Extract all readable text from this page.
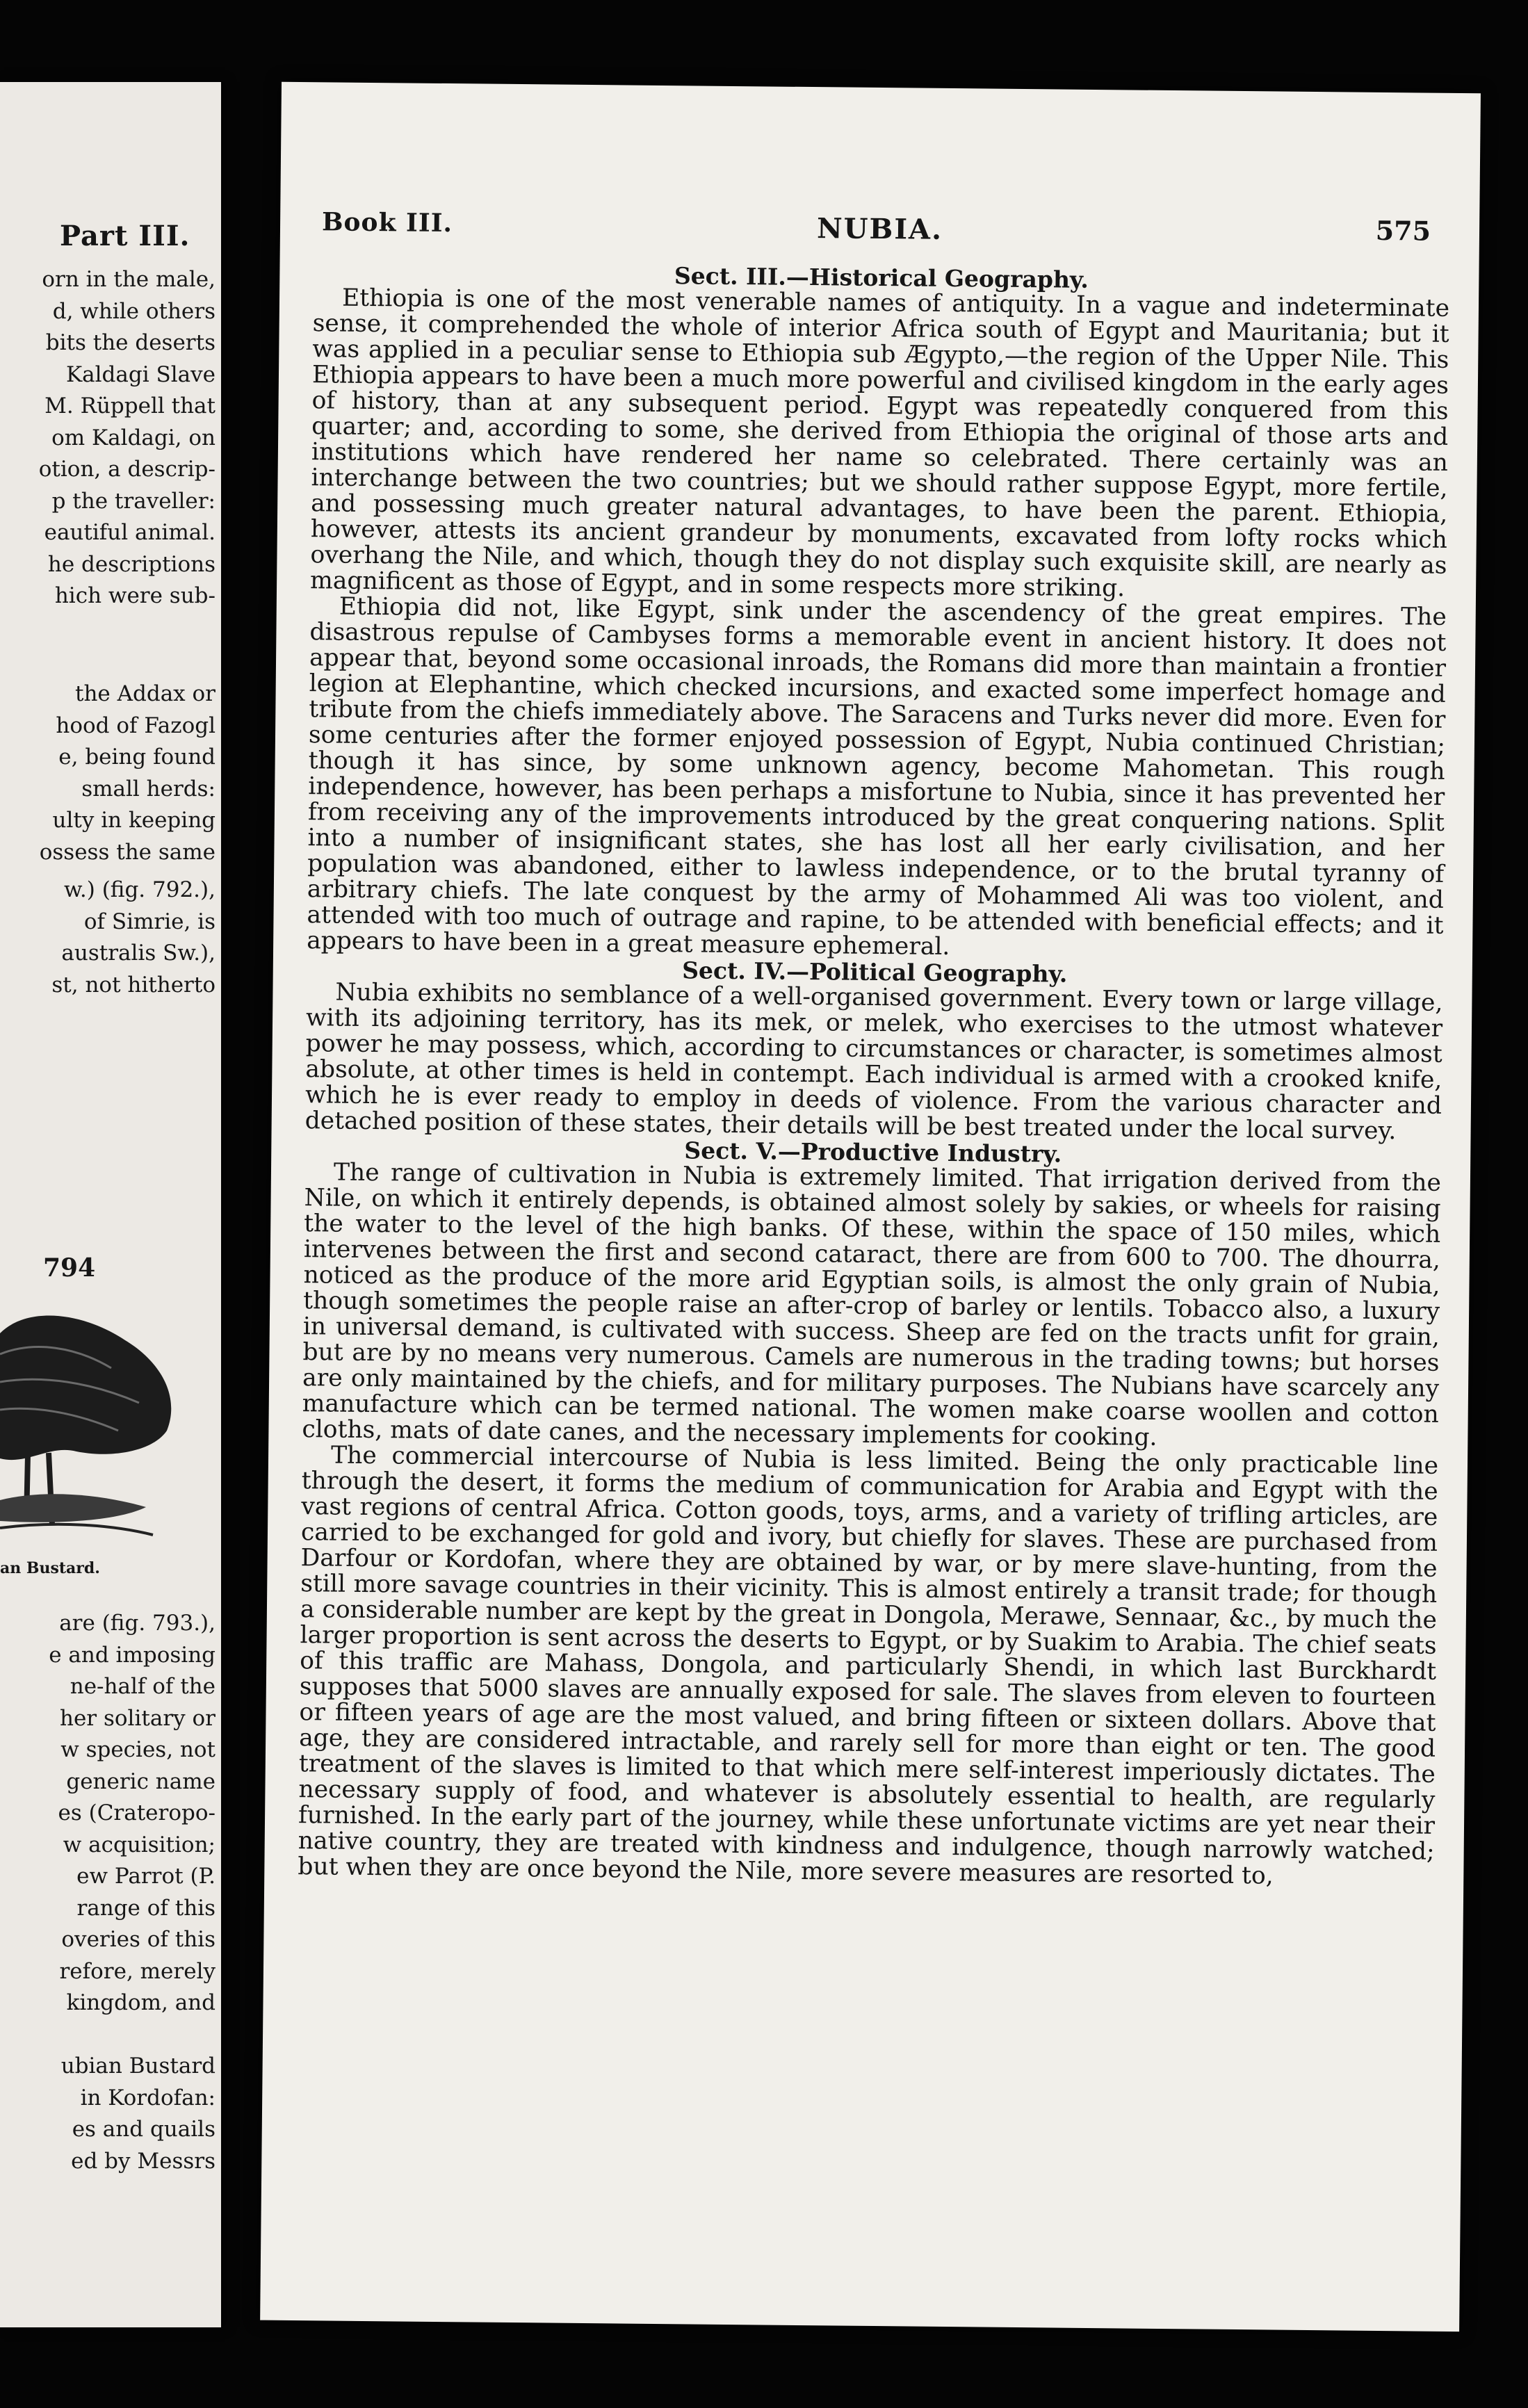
Part III.
orn in the male,
d, while others
bits the deserts
Kaldagi Slave
M. Rüppell that
om Kaldagi, on
otion, a descrip-
p the traveller:
eautiful animal.
he descriptions
hich were sub-
the Addax or
hood of Fazogl
e, being found
small herds:
ulty in keeping
ossess the same
w.) (fig. 792.),
of Simrie, is
australis Sw.),
st, not hitherto
794
an Bustard.
are (fig. 793.),
e and imposing
ne-half of the
her solitary or
w species, not
generic name
es (Crateropo-
w acquisition;
ew Parrot (P.
range of this
overies of this
refore, merely
kingdom, and

ubian Bustard
in Kordofan:
es and quails
ed by Messrs
Book III.	NUBIA.	575

Sect. III.—Historical Geography.

Ethiopia is one of the most venerable names of antiquity. In a vague and indeterminate sense, it comprehended the whole of interior Africa south of Egypt and Mauritania; but it was applied in a peculiar sense to Ethiopia sub Ægypto,—the region of the Upper Nile. This Ethiopia appears to have been a much more powerful and civilised kingdom in the early ages of history, than at any subsequent period. Egypt was repeatedly conquered from this quarter; and, according to some, she derived from Ethiopia the original of those arts and institutions which have rendered her name so celebrated. There certainly was an interchange between the two countries; but we should rather suppose Egypt, more fertile, and possessing much greater natural advantages, to have been the parent. Ethiopia, however, attests its ancient grandeur by monuments, excavated from lofty rocks which overhang the Nile, and which, though they do not display such exquisite skill, are nearly as magnificent as those of Egypt, and in some respects more striking.

Ethiopia did not, like Egypt, sink under the ascendency of the great empires. The disastrous repulse of Cambyses forms a memorable event in ancient history. It does not appear that, beyond some occasional inroads, the Romans did more than maintain a frontier legion at Elephantine, which checked incursions, and exacted some imperfect homage and tribute from the chiefs immediately above. The Saracens and Turks never did more. Even for some centuries after the former enjoyed possession of Egypt, Nubia continued Christian; though it has since, by some unknown agency, become Mahometan. This rough independence, however, has been perhaps a misfortune to Nubia, since it has prevented her from receiving any of the improvements introduced by the great conquering nations. Split into a number of insignificant states, she has lost all her early civilisation, and her population was abandoned, either to lawless independence, or to the brutal tyranny of arbitrary chiefs. The late conquest by the army of Mohammed Ali was too violent, and attended with too much of outrage and rapine, to be attended with beneficial effects; and it appears to have been in a great measure ephemeral.

Sect. IV.—Political Geography.

Nubia exhibits no semblance of a well-organised government. Every town or large village, with its adjoining territory, has its mek, or melek, who exercises to the utmost whatever power he may possess, which, according to circumstances or character, is sometimes almost absolute, at other times is held in contempt. Each individual is armed with a crooked knife, which he is ever ready to employ in deeds of violence. From the various character and detached position of these states, their details will be best treated under the local survey.

Sect. V.—Productive Industry.

The range of cultivation in Nubia is extremely limited. That irrigation derived from the Nile, on which it entirely depends, is obtained almost solely by sakies, or wheels for raising the water to the level of the high banks. Of these, within the space of 150 miles, which intervenes between the first and second cataract, there are from 600 to 700. The dhourra, noticed as the produce of the more arid Egyptian soils, is almost the only grain of Nubia, though sometimes the people raise an after-crop of barley or lentils. Tobacco also, a luxury in universal demand, is cultivated with success. Sheep are fed on the tracts unfit for grain, but are by no means very numerous. Camels are numerous in the trading towns; but horses are only maintained by the chiefs, and for military purposes. The Nubians have scarcely any manufacture which can be termed national. The women make coarse woollen and cotton cloths, mats of date canes, and the necessary implements for cooking.

The commercial intercourse of Nubia is less limited. Being the only practicable line through the desert, it forms the medium of communication for Arabia and Egypt with the vast regions of central Africa. Cotton goods, toys, arms, and a variety of trifling articles, are carried to be exchanged for gold and ivory, but chiefly for slaves. These are purchased from Darfour or Kordofan, where they are obtained by war, or by mere slave-hunting, from the still more savage countries in their vicinity. This is almost entirely a transit trade; for though a considerable number are kept by the great in Dongola, Merawe, Sennaar, &c., by much the larger proportion is sent across the deserts to Egypt, or by Suakim to Arabia. The chief seats of this traffic are Mahass, Dongola, and particularly Shendi, in which last Burckhardt supposes that 5000 slaves are annually exposed for sale. The slaves from eleven to fourteen or fifteen years of age are the most valued, and bring fifteen or sixteen dollars. Above that age, they are considered intractable, and rarely sell for more than eight or ten. The good treatment of the slaves is limited to that which mere self-interest imperiously dictates. The necessary supply of food, and whatever is absolutely essential to health, are regularly furnished. In the early part of the journey, while these unfortunate victims are yet near their native country, they are treated with kindness and indulgence, though narrowly watched; but when they are once beyond the Nile, more severe measures are resorted to,
